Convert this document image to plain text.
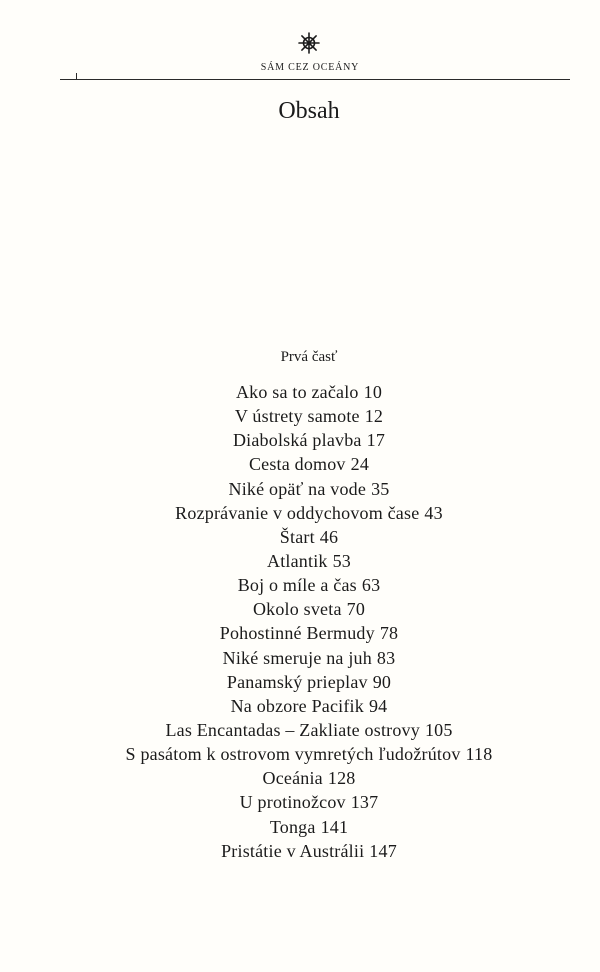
SÁM CEZ OCEÁNY
Obsah
Prvá časť
Ako sa to začalo 10
V ústrety samote 12
Diabolská plavba 17
Cesta domov 24
Niké opäť na vode 35
Rozprávanie v oddychovom čase 43
Štart 46
Atlantik 53
Boj o míle a čas 63
Okolo sveta 70
Pohostinné Bermudy 78
Niké smeruje na juh 83
Panamský prieplav 90
Na obzore Pacifik 94
Las Encantadas – Zakliate ostrovy 105
S pasátom k ostrovom vymretých ľudožrútov 118
Oceánia 128
U protinožcov 137
Tonga 141
Pristátie v Austrálii 147
